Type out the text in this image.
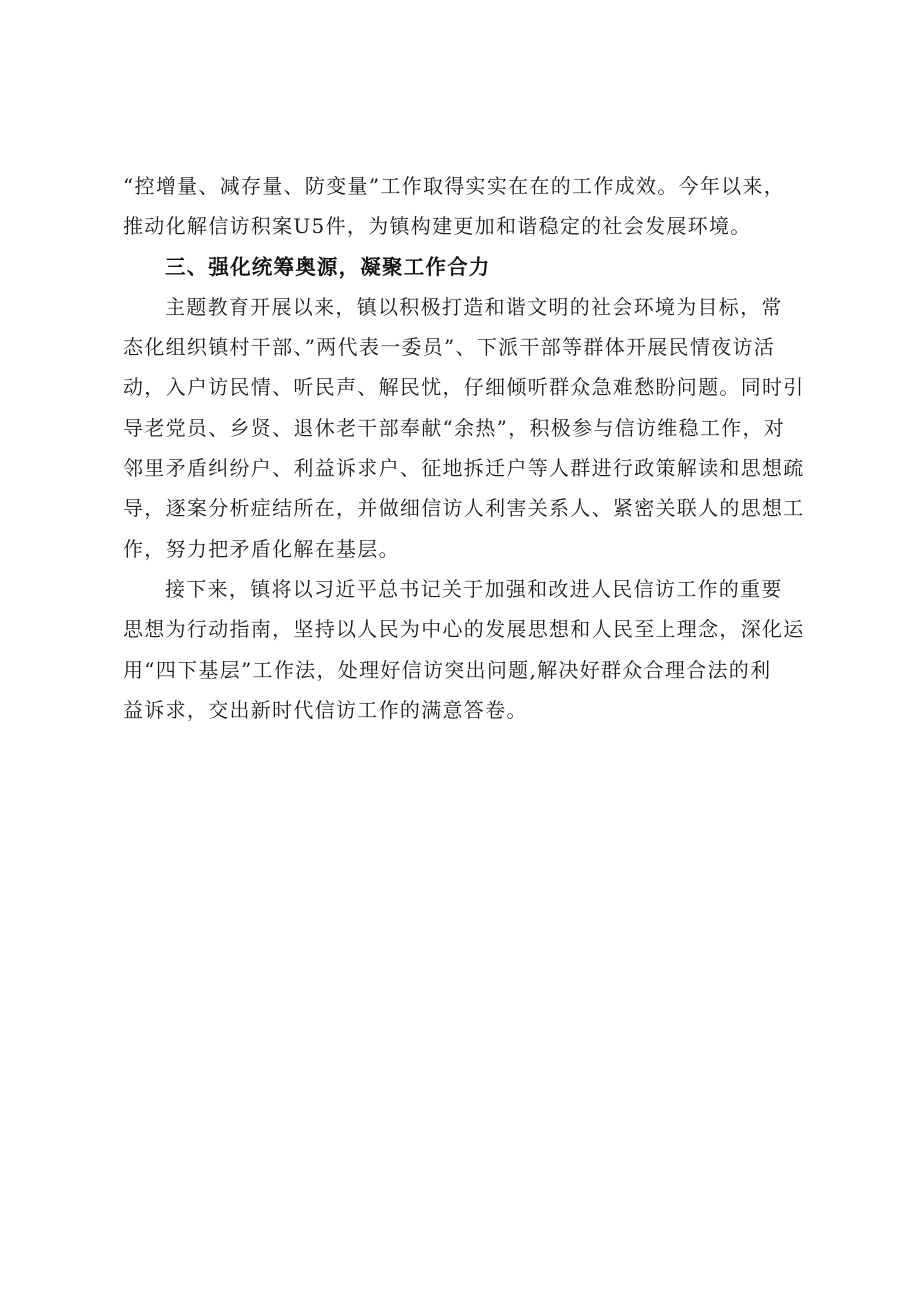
“控增量、减存量、防变量”工作取得实实在在的工作成效。今年以来，
推动化解信访积案U5件，为镇构建更加和谐稳定的社会发展环境。

三、强化统筹奥源，凝聚工作合力

主题教育开展以来，镇以积极打造和谐文明的社会环境为目标，常
态化组织镇村干部、”两代表一委员”、下派干部等群体开展民情夜访活
动，入户访民情、听民声、解民忧，仔细倾听群众急难愁盼问题。同时引
导老党员、乡贤、退休老干部奉献“余热”，积极参与信访维稳工作，对
邻里矛盾纠纷户、利益诉求户、征地拆迁户等人群进行政策解读和思想疏
导，逐案分析症结所在，并做细信访人利害关系人、紧密关联人的思想工
作，努力把矛盾化解在基层。

接下来，镇将以习近平总书记关于加强和改进人民信访工作的重要
思想为行动指南，坚持以人民为中心的发展思想和人民至上理念，深化运
用“四下基层”工作法，处理好信访突出问题,解决好群众合理合法的利
益诉求，交出新时代信访工作的满意答卷。
